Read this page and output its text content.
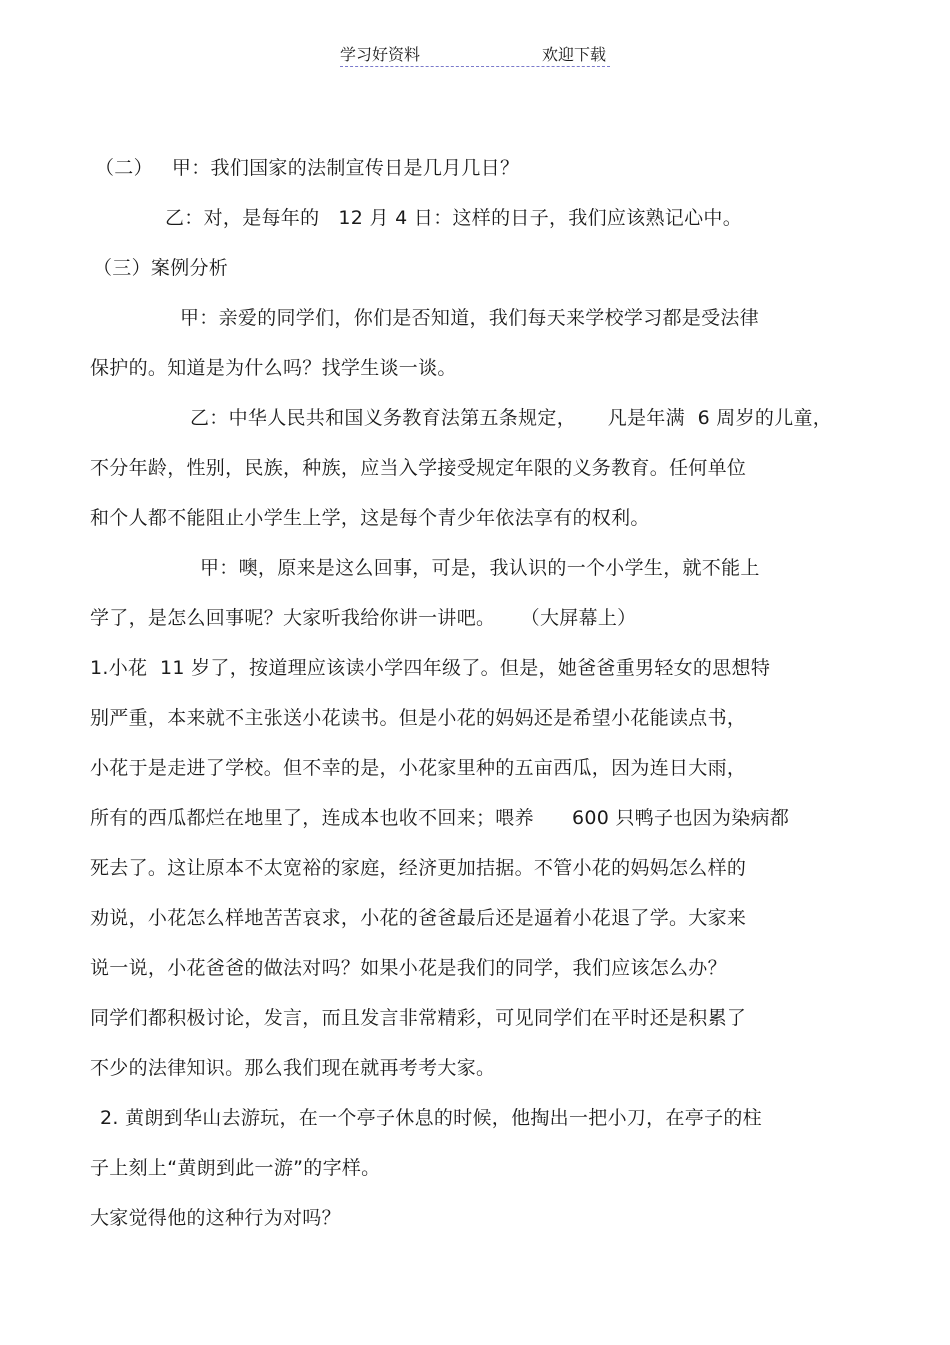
学习好资料	欢迎下载
（二）   甲：我们国家的法制宣传日是几月几日？
乙：对，是每年的   12 月 4 日：这样的日子，我们应该熟记心中。
（三）案例分析
甲：亲爱的同学们，你们是否知道，我们每天来学校学习都是受法律
保护的。知道是为什么吗？找学生谈一谈。
乙：中华人民共和国义务教育法第五条规定，     凡是年满  6 周岁的儿童，
不分年龄，性别，民族，种族，应当入学接受规定年限的义务教育。任何单位
和个人都不能阻止小学生上学，这是每个青少年依法享有的权利。
甲：噢，原来是这么回事，可是，我认识的一个小学生，就不能上
学了，是怎么回事呢？大家听我给你讲一讲吧。    （大屏幕上）
1.小花  11 岁了，按道理应该读小学四年级了。但是，她爸爸重男轻女的思想特
别严重，本来就不主张送小花读书。但是小花的妈妈还是希望小花能读点书，
小花于是走进了学校。但不幸的是，小花家里种的五亩西瓜，因为连日大雨，
所有的西瓜都烂在地里了，连成本也收不回来；喂养      600 只鸭子也因为染病都
死去了。这让原本不太宽裕的家庭，经济更加拮据。不管小花的妈妈怎么样的
劝说，小花怎么样地苦苦哀求，小花的爸爸最后还是逼着小花退了学。大家来
说一说，小花爸爸的做法对吗？如果小花是我们的同学，我们应该怎么办？
同学们都积极讨论，发言，而且发言非常精彩，可见同学们在平时还是积累了
不少的法律知识。那么我们现在就再考考大家。
2. 黄朗到华山去游玩，在一个亭子休息的时候，他掏出一把小刀，在亭子的柱
子上刻上“黄朗到此一游”的字样。
大家觉得他的这种行为对吗？
